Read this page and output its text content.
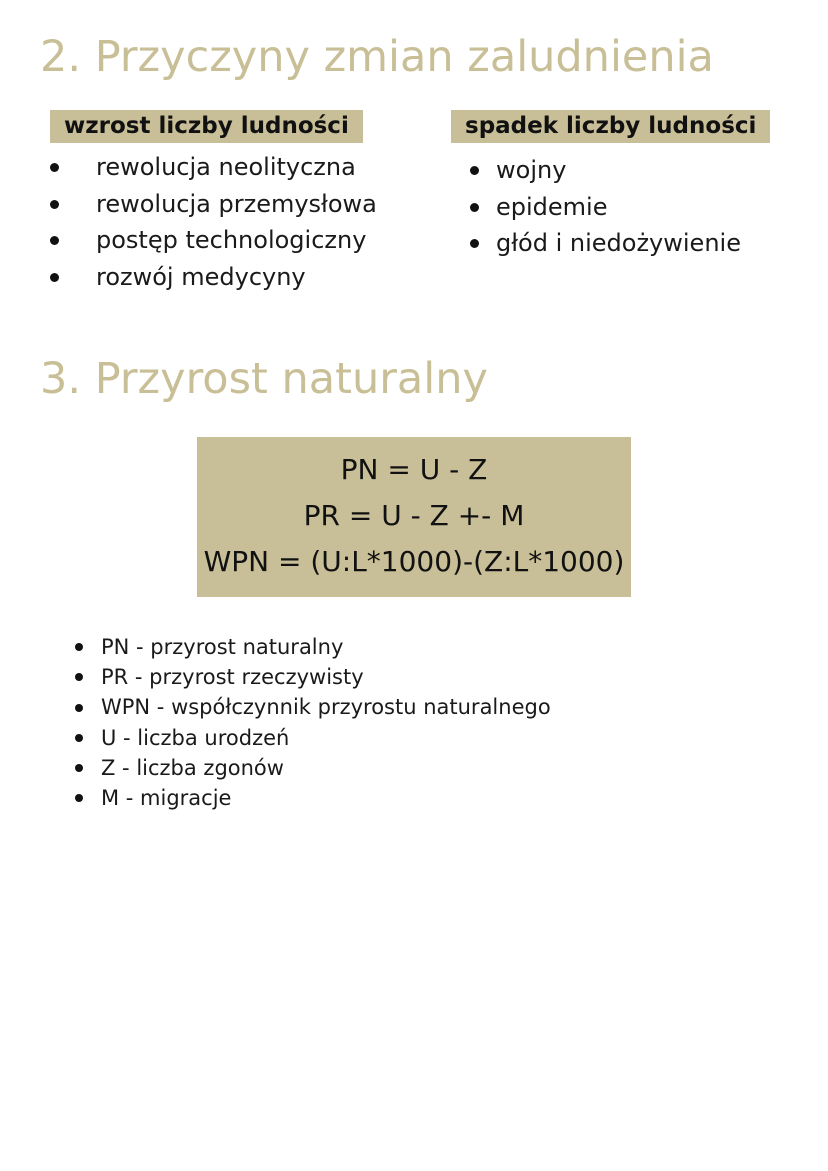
2. Przyczyny zmian zaludnienia
wzrost liczby ludności
rewolucja neolityczna
rewolucja przemysłowa
postęp technologiczny
rozwój medycyny
spadek liczby ludności
wojny
epidemie
głód i niedożywienie
3. Przyrost naturalny
PN = U - Z
PR = U - Z +- M
WPN = (U:L*1000)-(Z:L*1000)
PN - przyrost naturalny
PR - przyrost rzeczywisty
WPN - współczynnik przyrostu naturalnego
U - liczba urodzeń
Z - liczba zgonów
M - migracje
